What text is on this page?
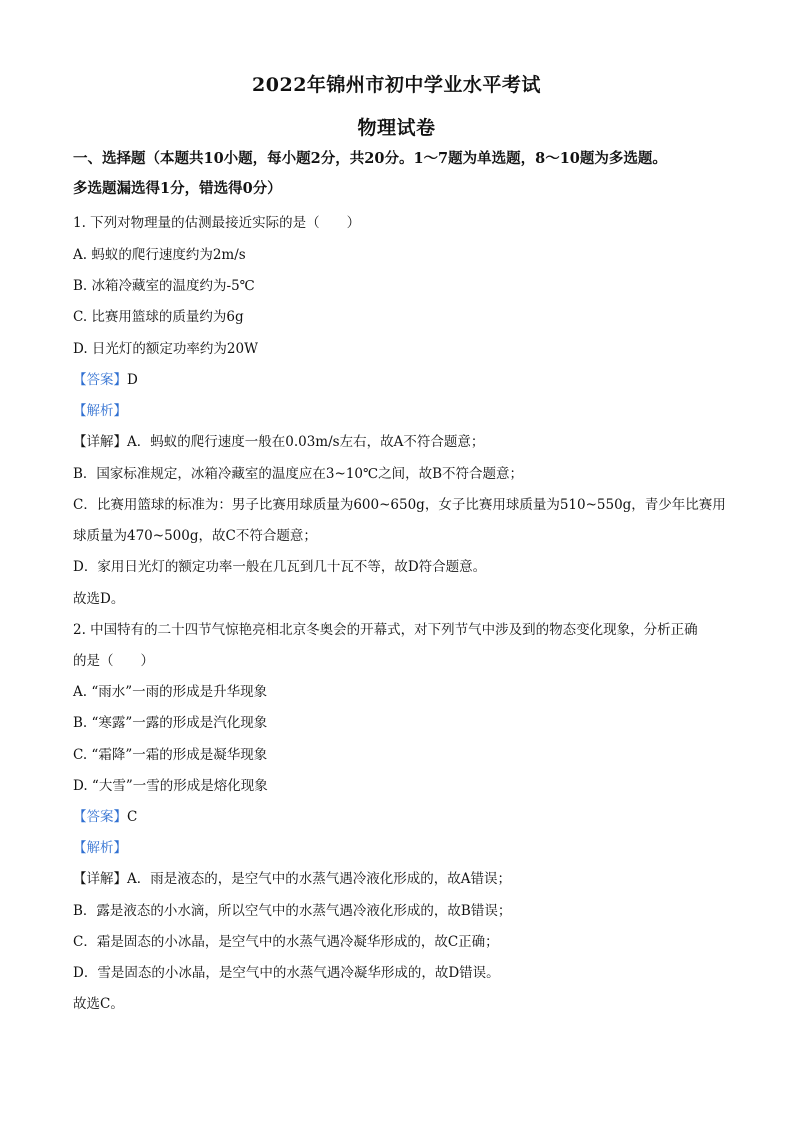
2022年锦州市初中学业水平考试
物理试卷
一、选择题（本题共10小题，每小题2分，共20分。1～7题为单选题，8～10题为多选题。
多选题漏选得1分，错选得0分）
1. 下列对物理量的估测最接近实际的是（　　）
A. 蚂蚁的爬行速度约为2m/s
B. 冰箱冷藏室的温度约为-5℃
C. 比赛用篮球的质量约为6g
D. 日光灯的额定功率约为20W
【答案】D
【解析】
【详解】A．蚂蚁的爬行速度一般在0.03m/s左右，故A不符合题意；
B．国家标准规定，冰箱冷藏室的温度应在3~10℃之间，故B不符合题意；
C．比赛用篮球的标准为：男子比赛用球质量为600~650g，女子比赛用球质量为510~550g，青少年比赛用
球质量为470~500g，故C不符合题意；
D．家用日光灯的额定功率一般在几瓦到几十瓦不等，故D符合题意。
故选D。
2. 中国特有的二十四节气惊艳亮相北京冬奥会的开幕式，对下列节气中涉及到的物态变化现象，分析正确
的是（　　）
A. “雨水”一雨的形成是升华现象
B. “寒露”一露的形成是汽化现象
C. “霜降”一霜的形成是凝华现象
D. “大雪”一雪的形成是熔化现象
【答案】C
【解析】
【详解】A．雨是液态的，是空气中的水蒸气遇冷液化形成的，故A错误；
B．露是液态的小水滴，所以空气中的水蒸气遇冷液化形成的，故B错误；
C．霜是固态的小冰晶，是空气中的水蒸气遇冷凝华形成的，故C正确；
D．雪是固态的小冰晶，是空气中的水蒸气遇冷凝华形成的，故D错误。
故选C。
